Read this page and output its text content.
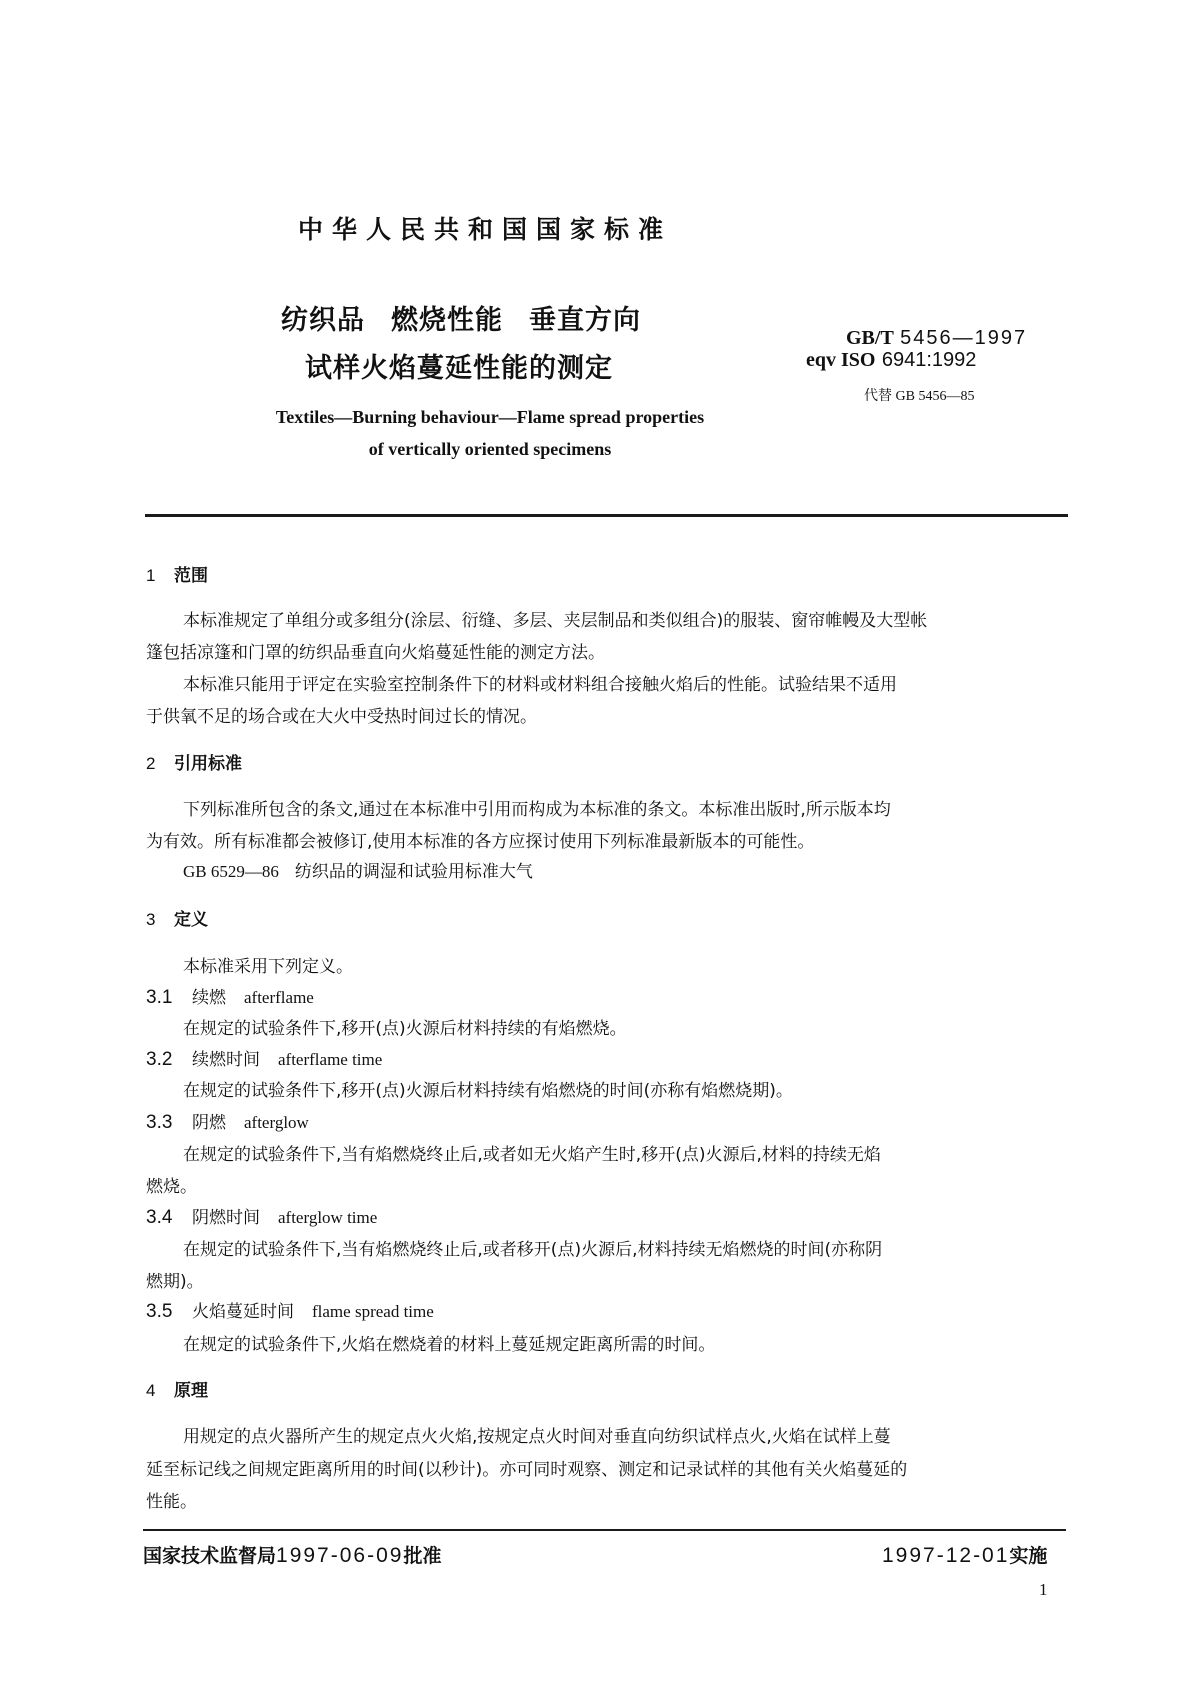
中华人民共和国国家标准
纺织品 燃烧性能 垂直方向
试样火焰蔓延性能的测定
GB/T 5456—1997
eqv ISO 6941:1992
代替 GB 5456—85
Textiles—Burning behaviour—Flame spread properties
of vertically oriented specimens
1 范围
本标准规定了单组分或多组分(涂层、衍缝、多层、夹层制品和类似组合)的服装、窗帘帷幔及大型帐
篷包括凉篷和门罩的纺织品垂直向火焰蔓延性能的测定方法。
本标准只能用于评定在实验室控制条件下的材料或材料组合接触火焰后的性能。试验结果不适用
于供氧不足的场合或在大火中受热时间过长的情况。
2 引用标准
下列标准所包含的条文,通过在本标准中引用而构成为本标准的条文。本标准出版时,所示版本均
为有效。所有标准都会被修订,使用本标准的各方应探讨使用下列标准最新版本的可能性。
GB 6529—86 纺织品的调湿和试验用标准大气
3 定义
本标准采用下列定义。
3.1 续燃 afterflame
在规定的试验条件下,移开(点)火源后材料持续的有焰燃烧。
3.2 续燃时间 afterflame time
在规定的试验条件下,移开(点)火源后材料持续有焰燃烧的时间(亦称有焰燃烧期)。
3.3 阴燃 afterglow
在规定的试验条件下,当有焰燃烧终止后,或者如无火焰产生时,移开(点)火源后,材料的持续无焰
燃烧。
3.4 阴燃时间 afterglow time
在规定的试验条件下,当有焰燃烧终止后,或者移开(点)火源后,材料持续无焰燃烧的时间(亦称阴
燃期)。
3.5 火焰蔓延时间 flame spread time
在规定的试验条件下,火焰在燃烧着的材料上蔓延规定距离所需的时间。
4 原理
用规定的点火器所产生的规定点火火焰,按规定点火时间对垂直向纺织试样点火,火焰在试样上蔓
延至标记线之间规定距离所用的时间(以秒计)。亦可同时观察、测定和记录试样的其他有关火焰蔓延的
性能。
国家技术监督局1997-06-09批准	1997-12-01实施
1
